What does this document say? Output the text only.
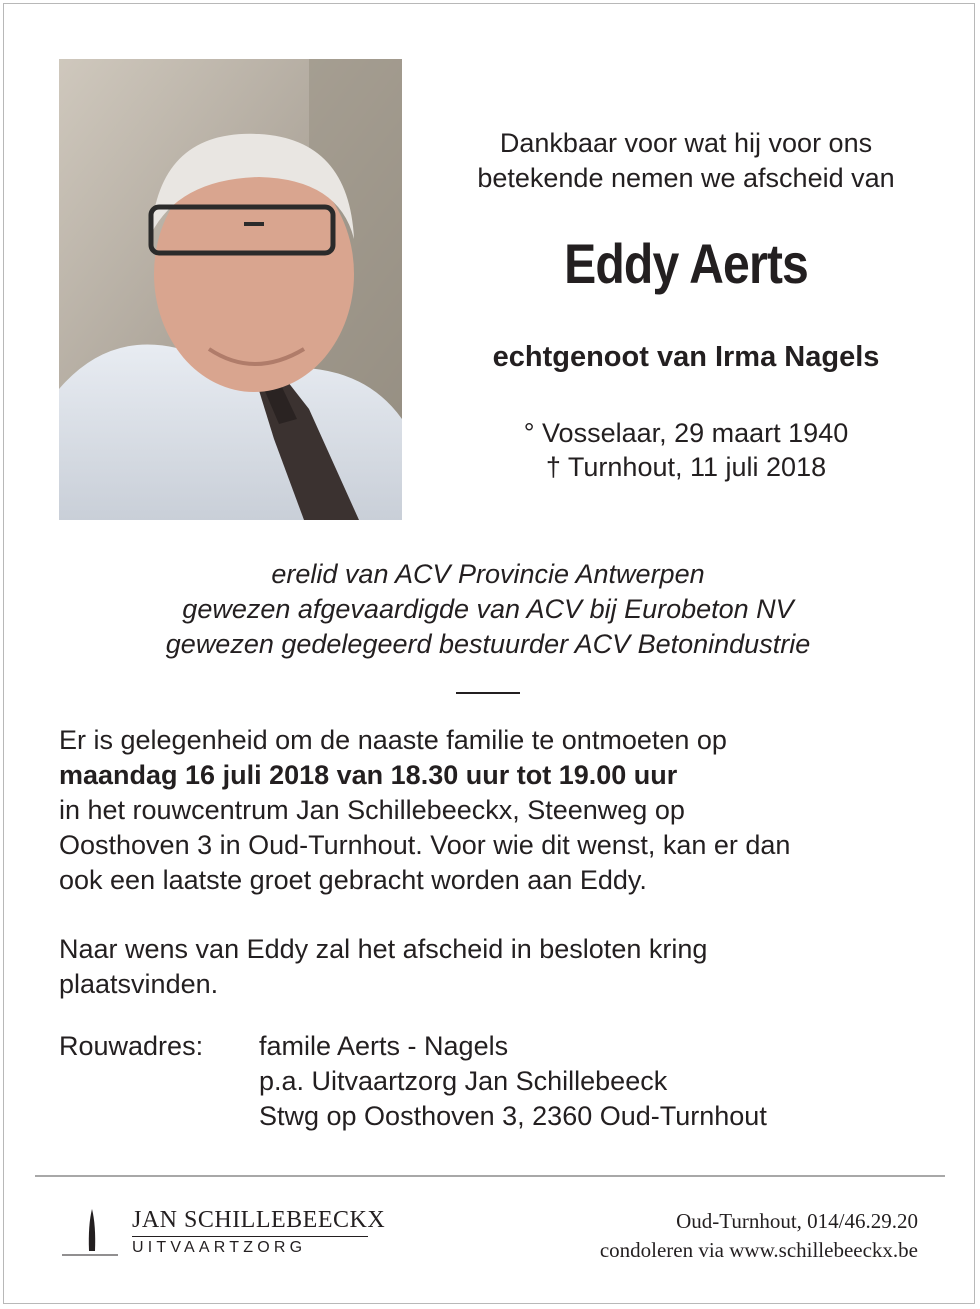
Dankbaar voor wat hij voor ons
betekende nemen we afscheid van
Eddy Aerts
echtgenoot van Irma Nagels
° Vosselaar, 29 maart 1940
† Turnhout, 11 juli 2018
erelid van ACV Provincie Antwerpen
gewezen afgevaardigde van ACV bij Eurobeton NV
gewezen gedelegeerd bestuurder ACV Betonindustrie
Er is gelegenheid om de naaste familie te ontmoeten op
maandag 16 juli 2018 van 18.30 uur tot 19.00 uur
in het rouwcentrum Jan Schillebeeckx, Steenweg op
Oosthoven 3 in Oud-Turnhout. Voor wie dit wenst, kan er dan
ook een laatste groet gebracht worden aan Eddy.
Naar wens van Eddy zal het afscheid in besloten kring
plaatsvinden.
Rouwadres: famile Aerts - Nagels
p.a. Uitvaartzorg Jan Schillebeeck
Stwg op Oosthoven 3, 2360 Oud-Turnhout
JAN SCHILLEBEECKX
UITVAARTZORG
Oud-Turnhout, 014/46.29.20
condoleren via www.schillebeeckx.be
